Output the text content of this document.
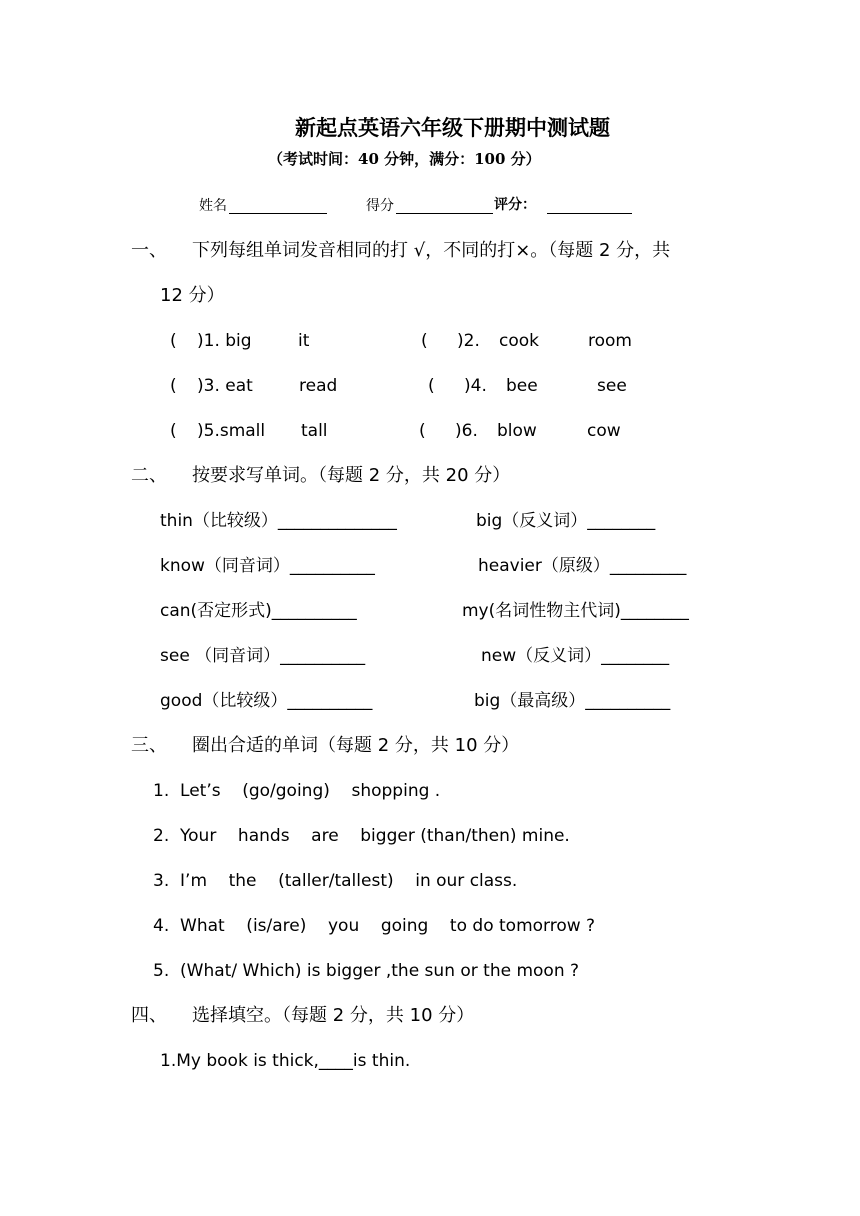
新起点英语六年级下册期中测试题
（考试时间：40 分钟，满分：100 分）
姓名	得分	评分：
一、 下列每组单词发音相同的打 √，不同的打×。（每题 2 分，共
12 分）
( )1. big	it	( )2. cook	room
( )3. eat	read	( )4. bee	see
( )5.small tall	( )6. blow	cow
二、 按要求写单词。（每题 2 分，共 20 分）
thin（比较级）______________	big（反义词）________
know（同音词）__________	heavier（原级）_________
can(否定形式)__________	my(名词性物主代词)________
see （同音词）__________	new（反义词）________
good（比较级）__________	big（最高级）__________
三、 圈出合适的单词（每题 2 分，共 10 分）
1.  Let’s    (go/going)    shopping .
2.  Your    hands    are    bigger (than/then) mine.
3.  I’m    the    (taller/tallest)    in our class.
4.  What    (is/are)    you    going    to do tomorrow ?
5.  (What/ Which) is bigger ,the sun or the moon ?
四、 选择填空。（每题 2 分，共 10 分）
1.My book is thick,____is thin.
